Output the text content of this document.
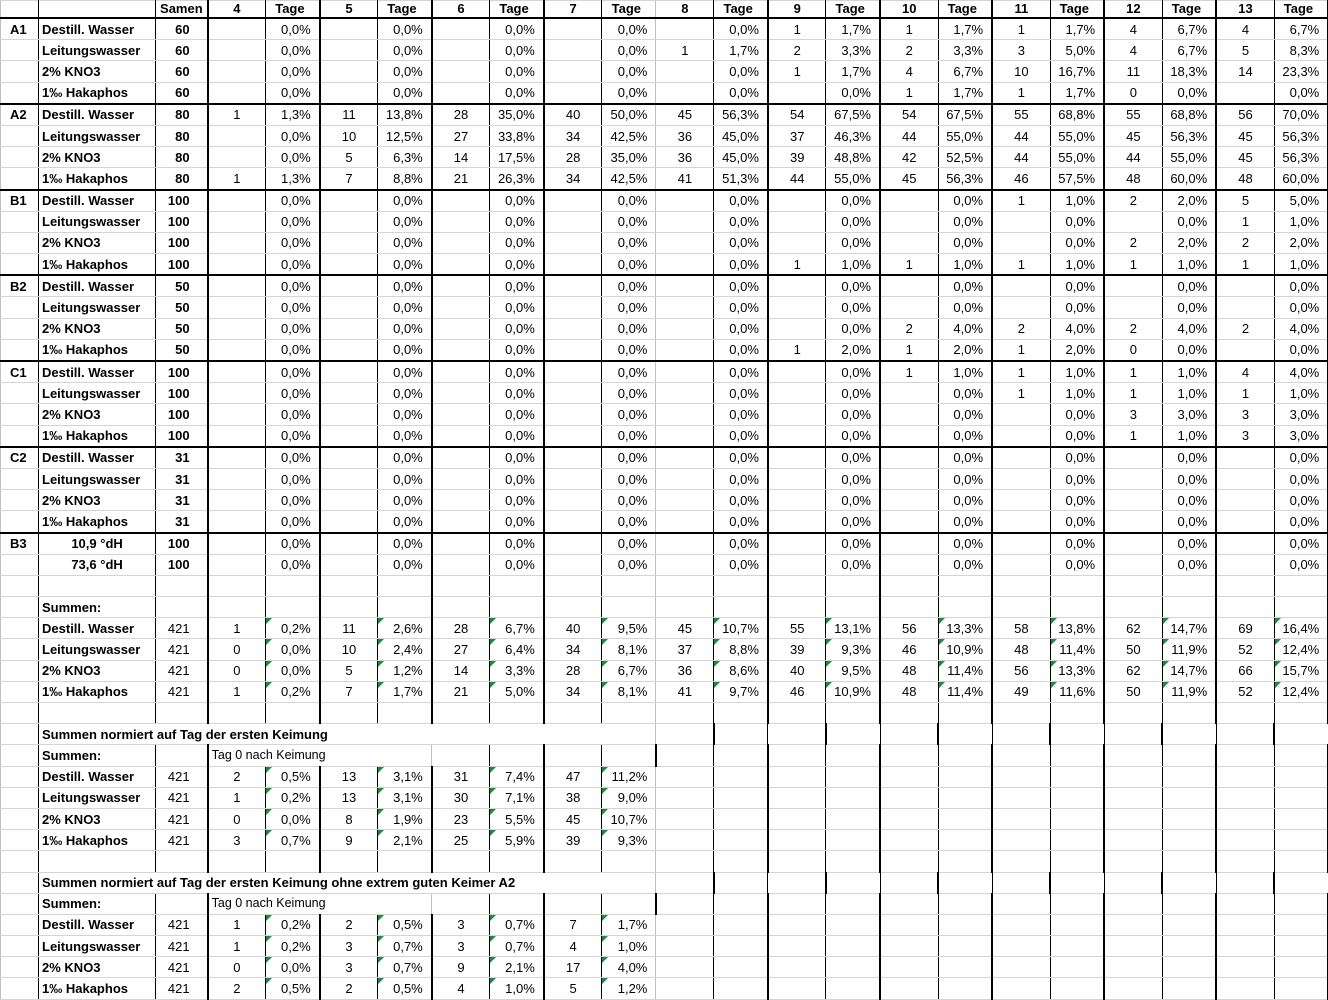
		Samen	4	Tage	5	Tage	6	Tage	7	Tage	8	Tage	9	Tage	10	Tage	11	Tage	12	Tage	13	Tage
A1	Destill. Wasser	60		0,0%		0,0%		0,0%		0,0%		0,0%	1	1,7%	1	1,7%	1	1,7%	4	6,7%	4	6,7%
	Leitungswasser	60		0,0%		0,0%		0,0%		0,0%	1	1,7%	2	3,3%	2	3,3%	3	5,0%	4	6,7%	5	8,3%
	2% KNO3	60		0,0%		0,0%		0,0%		0,0%		0,0%	1	1,7%	4	6,7%	10	16,7%	11	18,3%	14	23,3%
	1‰ Hakaphos	60		0,0%		0,0%		0,0%		0,0%		0,0%		0,0%	1	1,7%	1	1,7%	0	0,0%		0,0%
A2	Destill. Wasser	80	1	1,3%	11	13,8%	28	35,0%	40	50,0%	45	56,3%	54	67,5%	54	67,5%	55	68,8%	55	68,8%	56	70,0%
	Leitungswasser	80		0,0%	10	12,5%	27	33,8%	34	42,5%	36	45,0%	37	46,3%	44	55,0%	44	55,0%	45	56,3%	45	56,3%
	2% KNO3	80		0,0%	5	6,3%	14	17,5%	28	35,0%	36	45,0%	39	48,8%	42	52,5%	44	55,0%	44	55,0%	45	56,3%
	1‰ Hakaphos	80	1	1,3%	7	8,8%	21	26,3%	34	42,5%	41	51,3%	44	55,0%	45	56,3%	46	57,5%	48	60,0%	48	60,0%
B1	Destill. Wasser	100		0,0%		0,0%		0,0%		0,0%		0,0%		0,0%		0,0%	1	1,0%	2	2,0%	5	5,0%
	Leitungswasser	100		0,0%		0,0%		0,0%		0,0%		0,0%		0,0%		0,0%		0,0%		0,0%	1	1,0%
	2% KNO3	100		0,0%		0,0%		0,0%		0,0%		0,0%		0,0%		0,0%		0,0%	2	2,0%	2	2,0%
	1‰ Hakaphos	100		0,0%		0,0%		0,0%		0,0%		0,0%	1	1,0%	1	1,0%	1	1,0%	1	1,0%	1	1,0%
B2	Destill. Wasser	50		0,0%		0,0%		0,0%		0,0%		0,0%		0,0%		0,0%		0,0%		0,0%		0,0%
	Leitungswasser	50		0,0%		0,0%		0,0%		0,0%		0,0%		0,0%		0,0%		0,0%		0,0%		0,0%
	2% KNO3	50		0,0%		0,0%		0,0%		0,0%		0,0%		0,0%	2	4,0%	2	4,0%	2	4,0%	2	4,0%
	1‰ Hakaphos	50		0,0%		0,0%		0,0%		0,0%		0,0%	1	2,0%	1	2,0%	1	2,0%	0	0,0%		0,0%
C1	Destill. Wasser	100		0,0%		0,0%		0,0%		0,0%		0,0%		0,0%	1	1,0%	1	1,0%	1	1,0%	4	4,0%
	Leitungswasser	100		0,0%		0,0%		0,0%		0,0%		0,0%		0,0%		0,0%	1	1,0%	1	1,0%	1	1,0%
	2% KNO3	100		0,0%		0,0%		0,0%		0,0%		0,0%		0,0%		0,0%		0,0%	3	3,0%	3	3,0%
	1‰ Hakaphos	100		0,0%		0,0%		0,0%		0,0%		0,0%		0,0%		0,0%		0,0%	1	1,0%	3	3,0%
C2	Destill. Wasser	31		0,0%		0,0%		0,0%		0,0%		0,0%		0,0%		0,0%		0,0%		0,0%		0,0%
	Leitungswasser	31		0,0%		0,0%		0,0%		0,0%		0,0%		0,0%		0,0%		0,0%		0,0%		0,0%
	2% KNO3	31		0,0%		0,0%		0,0%		0,0%		0,0%		0,0%		0,0%		0,0%		0,0%		0,0%
	1‰ Hakaphos	31		0,0%		0,0%		0,0%		0,0%		0,0%		0,0%		0,0%		0,0%		0,0%		0,0%
B3	10,9 °dH	100		0,0%		0,0%		0,0%		0,0%		0,0%		0,0%		0,0%		0,0%		0,0%		0,0%
	73,6 °dH	100		0,0%		0,0%		0,0%		0,0%		0,0%		0,0%		0,0%		0,0%		0,0%		0,0%

	Summen:																					
	Destill. Wasser	421	1	0,2%	11	2,6%	28	6,7%	40	9,5%	45	10,7%	55	13,1%	56	13,3%	58	13,8%	62	14,7%	69	16,4%
	Leitungswasser	421	0	0,0%	10	2,4%	27	6,4%	34	8,1%	37	8,8%	39	9,3%	46	10,9%	48	11,4%	50	11,9%	52	12,4%
	2% KNO3	421	0	0,0%	5	1,2%	14	3,3%	28	6,7%	36	8,6%	40	9,5%	48	11,4%	56	13,3%	62	14,7%	66	15,7%
	1‰ Hakaphos	421	1	0,2%	7	1,7%	21	5,0%	34	8,1%	41	9,7%	46	10,9%	48	11,4%	49	11,6%	50	11,9%	52	12,4%

	Summen normiert auf Tag der ersten Keimung																					
	Summen:		Tag 0 nach Keimung																			
	Destill. Wasser	421	2	0,5%	13	3,1%	31	7,4%	47	11,2%												
	Leitungswasser	421	1	0,2%	13	3,1%	30	7,1%	38	9,0%												
	2% KNO3	421	0	0,0%	8	1,9%	23	5,5%	45	10,7%												
	1‰ Hakaphos	421	3	0,7%	9	2,1%	25	5,9%	39	9,3%												

	Summen normiert auf Tag der ersten Keimung ohne extrem guten Keimer A2																					
	Summen:		Tag 0 nach Keimung																			
	Destill. Wasser	421	1	0,2%	2	0,5%	3	0,7%	7	1,7%												
	Leitungswasser	421	1	0,2%	3	0,7%	3	0,7%	4	1,0%												
	2% KNO3	421	0	0,0%	3	0,7%	9	2,1%	17	4,0%												
	1‰ Hakaphos	421	2	0,5%	2	0,5%	4	1,0%	5	1,2%												
